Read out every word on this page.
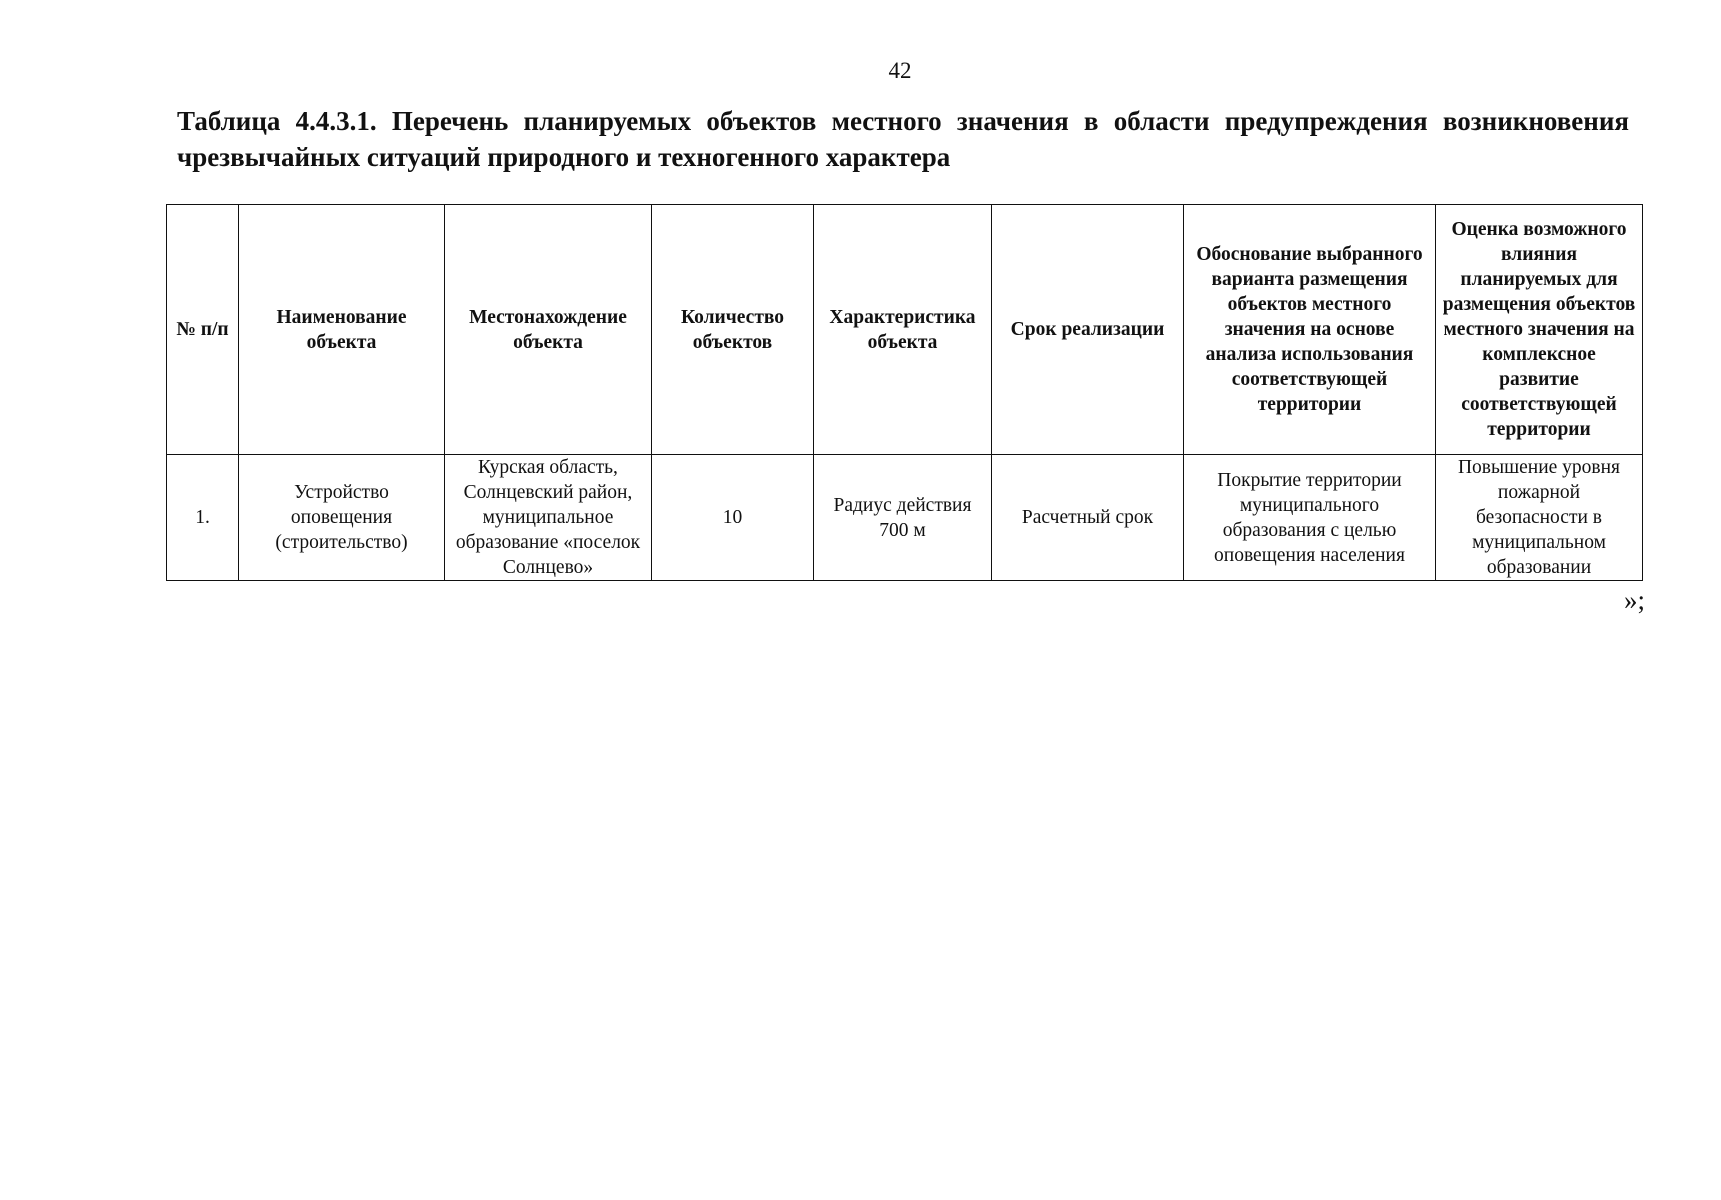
42

Таблица 4.4.3.1. Перечень планируемых объектов местного значения в области предупреждения возникновения чрезвычайных ситуаций природного и техногенного характера

№ п/п	Наименование объекта	Местонахождение объекта	Количество объектов	Характеристика объекта	Срок реализации	Обоснование выбранного варианта размещения объектов местного значения на основе анализа использования соответствующей территории	Оценка возможного влияния планируемых для размещения объектов местного значения на комплексное развитие соответствующей территории
1.	Устройство оповещения (строительство)	Курская область, Солнцевский район, муниципальное образование «поселок Солнцево»	10	Радиус действия 700 м	Расчетный срок	Покрытие территории муниципального образования с целью оповещения населения	Повышение уровня пожарной безопасности в муниципальном образовании
»;
